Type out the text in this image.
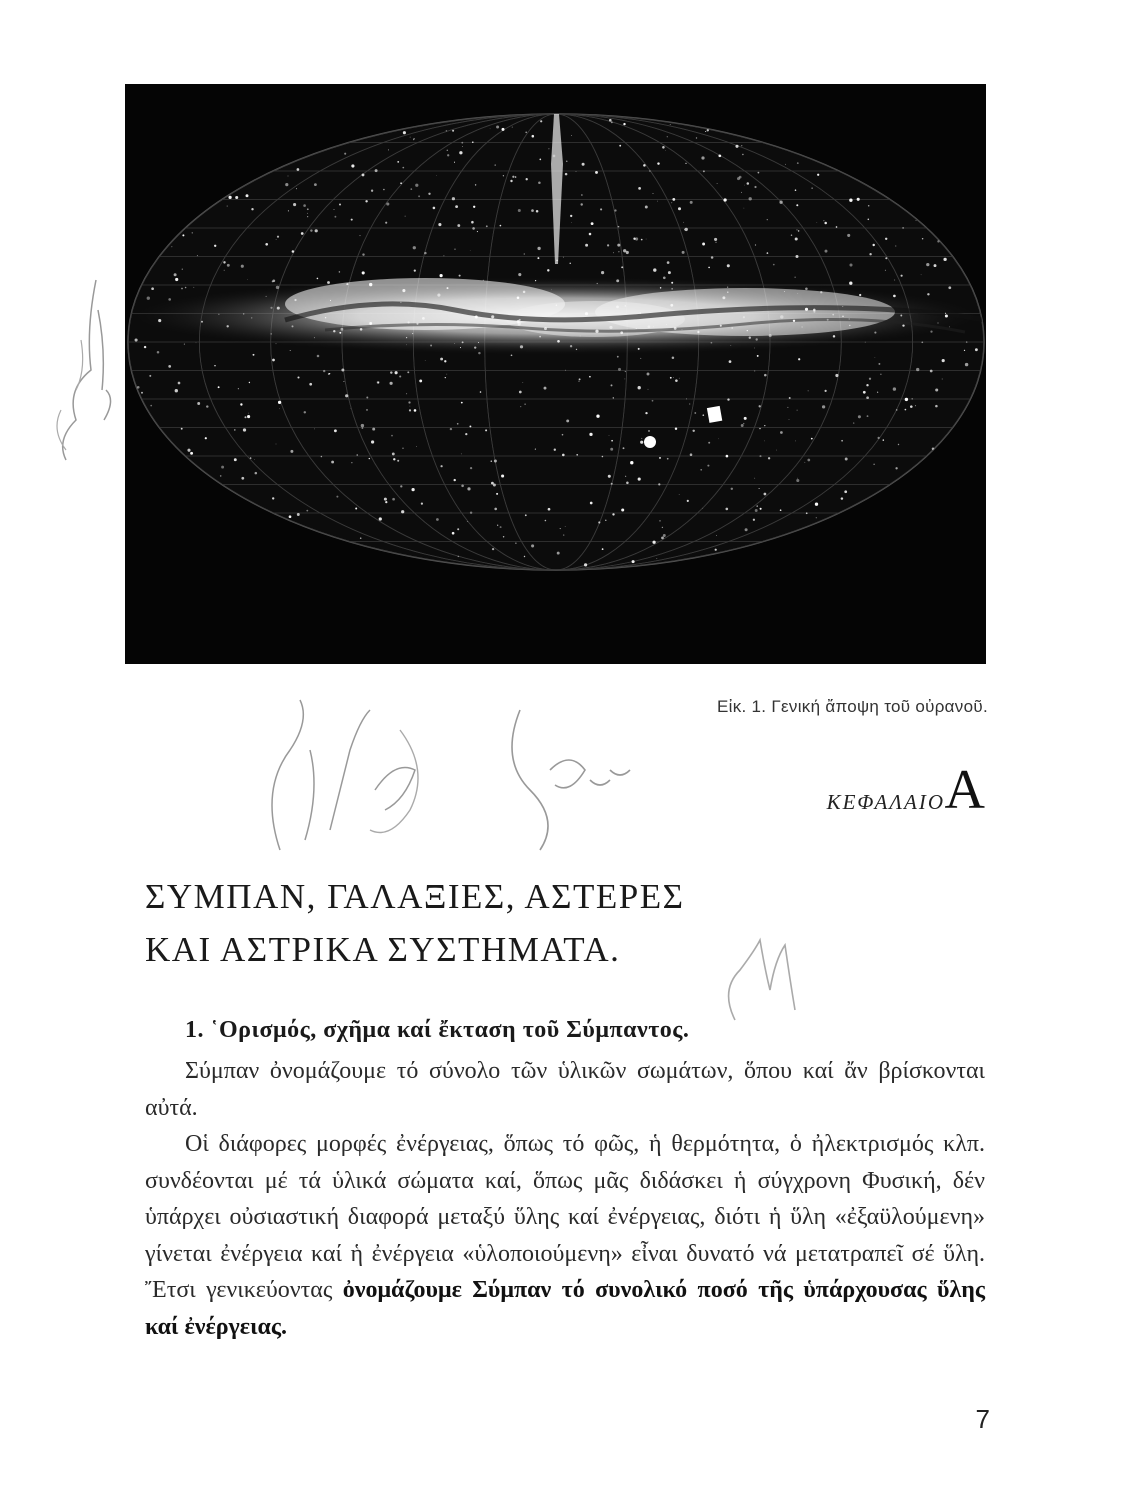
Εἰκ. 1. Γενική ἄποψη τοῦ οὐρανοῦ.
ΚΕΦΑΛΑΙΟ A
ΣΥΜΠΑΝ, ΓΑΛΑΞΙΕΣ, ΑΣΤΕΡΕΣ
ΚΑΙ ΑΣΤΡΙΚΑ ΣΥΣΤΗΜΑΤΑ.
1. ῾Ορισμός, σχῆμα καί ἔκταση τοῦ Σύμπαντος.

Σύμπαν ὀνομάζουμε τό σύνολο τῶν ὑλικῶν σωμάτων, ὅπου καί ἄν βρίσκονται αὐτά.

Οἱ διάφορες μορφές ἐνέργειας, ὅπως τό φῶς, ἡ θερμότητα, ὁ ἠλεκτρισμός κλπ. συνδέονται μέ τά ὑλικά σώματα καί, ὅπως μᾶς διδάσκει ἡ σύγχρονη Φυσική, δέν ὑπάρχει οὐσιαστική διαφορά μεταξύ ὕλης καί ἐνέργειας, διότι ἡ ὕλη «ἐξαϋλούμενη» γίνεται ἐνέργεια καί ἡ ἐνέργεια «ὑλοποιούμενη» εἶναι δυνατό νά μετατραπεῖ σέ ὕλη. Ἔτσι γενικεύοντας ὀνομάζουμε Σύμπαν τό συνολικό ποσό τῆς ὑπάρχουσας ὕλης καί ἐνέργειας.

7
